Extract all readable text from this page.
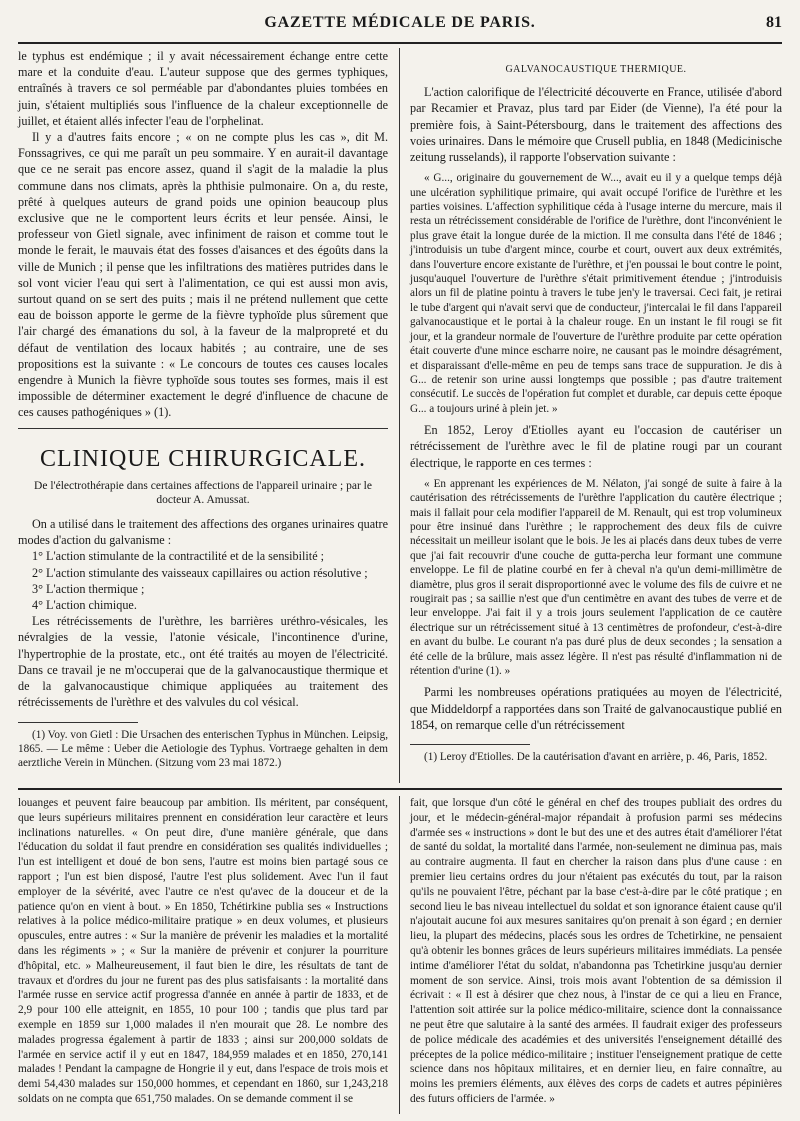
GAZETTE MÉDICALE DE PARIS.	81

le typhus est endémique ; il y avait nécessairement échange entre cette mare et la conduite d'eau. L'auteur suppose que des germes typhiques, entraînés à travers ce sol perméable par d'abondantes pluies tombées en juin, s'étaient multipliés sous l'influence de la chaleur exceptionnelle de juillet, et étaient allés infecter l'eau de l'orphelinat.

Il y a d'autres faits encore ; « on ne compte plus les cas », dit M. Fonssagrives, ce qui me paraît un peu sommaire. Y en aurait-il davantage que ce ne serait pas encore assez, quand il s'agit de la maladie la plus commune dans nos climats, après la phthisie pulmonaire. On a, du reste, prêté à quelques auteurs de grand poids une opinion beaucoup plus exclusive que ne le comportent leurs écrits et leur pensée. Ainsi, le professeur von Gietl signale, avec infiniment de raison et comme tout le monde le ferait, le mauvais état des fosses d'aisances et des égoûts dans la ville de Munich ; il pense que les infiltrations des matières putrides dans le sol vont vicier l'eau qui sert à l'alimentation, ce qui est aussi mon avis, surtout quand on se sert des puits ; mais il ne prétend nullement que cette eau de boisson apporte le germe de la fièvre typhoïde plus sûrement que l'air chargé des émanations du sol, à la faveur de la malpropreté et du défaut de ventilation des locaux habités ; au contraire, une de ses propositions est la suivante : « Le concours de toutes ces causes locales engendre à Munich la fièvre typhoïde sous toutes ses formes, mais il est impossible de déterminer exactement le degré d'influence de chacune de ces causes pathogéniques » (1).

CLINIQUE CHIRURGICALE.
De l'électrothérapie dans certaines affections de l'appareil urinaire ; par le docteur A. Amussat.

On a utilisé dans le traitement des affections des organes urinaires quatre modes d'action du galvanisme :

1° L'action stimulante de la contractilité et de la sensibilité ;

2° L'action stimulante des vaisseaux capillaires ou action résolutive ;

3° L'action thermique ;

4° L'action chimique.

Les rétrécissements de l'urèthre, les barrières uréthro-vésicales, les névralgies de la vessie, l'atonie vésicale, l'incontinence d'urine, l'hypertrophie de la prostate, etc., ont été traités au moyen de l'électricité. Dans ce travail je ne m'occuperai que de la galvanocaustique thermique et de la galvanocaustique chimique appliquées au traitement des rétrécissements de l'urèthre et des valvules du col vésical.

(1) Voy. von Gietl : Die Ursachen des enterischen Typhus in München. Leipsig, 1865. — Le même : Ueber die Aetiologie des Typhus. Vortraege gehalten in dem aerztliche Verein in München. (Sitzung vom 23 mai 1872.)

GALVANOCAUSTIQUE THERMIQUE.

L'action calorifique de l'électricité découverte en France, utilisée d'abord par Recamier et Pravaz, plus tard par Eider (de Vienne), l'a été pour la première fois, à Saint-Pétersbourg, dans le traitement des affections des voies urinaires. Dans le mémoire que Crusell publia, en 1848 (Medicinische zeitung russelands), il rapporte l'observation suivante :

« G..., originaire du gouvernement de W..., avait eu il y a quelque temps déjà une ulcération syphilitique primaire, qui avait occupé l'orifice de l'urèthre et les parties voisines. L'affection syphilitique céda à l'usage interne du mercure, mais il resta un rétrécissement considérable de l'orifice de l'urèthre, dont l'inconvénient le plus grave était la longue durée de la miction. Il me consulta dans l'été de 1846 ; j'introduisis un tube d'argent mince, courbe et court, ouvert aux deux extrémités, dans l'ouverture encore existante de l'urèthre, et j'en poussai le bout contre le point, jusqu'auquel l'ouverture de l'urèthre s'était primitivement étendue ; j'introduisis alors un fil de platine pointu à travers le tube jen'y le traversai. Ceci fait, je retirai le tube d'argent qui n'avait servi que de conducteur, j'intercalai le fil dans l'appareil galvanocaustique et le portai à la chaleur rouge. En un instant le fil rougi se fit jour, et la grandeur normale de l'ouverture de l'urèthre produite par cette opération était couverte d'une mince escharre noire, ne causant pas le moindre désagrément, et disparaissant d'elle-même en peu de temps sans trace de suppuration. Je dis à G... de retenir son urine aussi longtemps que possible ; pas d'autre traitement consécutif. Le succès de l'opération fut complet et durable, car depuis cette époque G... a toujours uriné à plein jet. »

En 1852, Leroy d'Etiolles ayant eu l'occasion de cautériser un rétrécissement de l'urèthre avec le fil de platine rougi par un courant électrique, le rapporte en ces termes :

« En apprenant les expériences de M. Nélaton, j'ai songé de suite à faire à la cautérisation des rétrécissements de l'urèthre l'application du cautère électrique ; mais il fallait pour cela modifier l'appareil de M. Renault, qui est trop volumineux pour être insinué dans l'urèthre ; le rapprochement des deux fils de cuivre nécessitait un meilleur isolant que le bois. Je les ai placés dans deux tubes de verre que j'ai fait recouvrir d'une couche de gutta-percha leur formant une commune enveloppe. Le fil de platine courbé en fer à cheval n'a qu'un demi-millimètre de diamètre, plus gros il serait disproportionné avec le volume des fils de cuivre et ne rougirait pas ; sa saillie n'est que d'un centimètre en avant des tubes de verre et de leur enveloppe. J'ai fait il y a trois jours seulement l'application de ce cautère électrique sur un rétrécissement situé à 13 centimètres de profondeur, c'est-à-dire en avant du bulbe. Le courant n'a pas duré plus de deux secondes ; la sensation a été celle de la brûlure, mais assez légère. Il n'est pas résulté d'inflammation ni de rétention d'urine (1). »

Parmi les nombreuses opérations pratiquées au moyen de l'électricité, que Middeldorpf a rapportées dans son Traité de galvanocaustique publié en 1854, on remarque celle d'un rétrécissement

(1) Leroy d'Etiolles. De la cautérisation d'avant en arrière, p. 46, Paris, 1852.

louanges et peuvent faire beaucoup par ambition. Ils méritent, par conséquent, que leurs supérieurs militaires prennent en considération leur caractère et leurs inclinations naturelles. « On peut dire, d'une manière générale, que dans l'éducation du soldat il faut prendre en considération ses qualités individuelles ; l'un est intelligent et doué de bon sens, l'autre est moins bien partagé sous ce rapport ; l'un est bien disposé, l'autre l'est plus solidement. Avec l'un il faut employer de la sévérité, avec l'autre ce n'est qu'avec de la douceur et de la patience qu'on en vient à bout. » En 1850, Tchétirkine publia ses « Instructions relatives à la police médico-militaire pratique » en deux volumes, et plusieurs opuscules, entre autres : « Sur la manière de prévenir les maladies et la mortalité dans les régiments » ; « Sur la manière de prévenir et conjurer la pourriture d'hôpital, etc. » Malheureusement, il faut bien le dire, les résultats de tant de travaux et d'ordres du jour ne furent pas des plus satisfaisants : la mortalité dans l'armée russe en service actif progressa d'année en année à partir de 1833, et de 2,9 pour 100 elle atteignit, en 1855, 10 pour 100 ; tandis que plus tard par exemple en 1859 sur 1,000 malades il n'en mourait que 28. Le nombre des malades progressa également à partir de 1833 ; ainsi sur 200,000 soldats de l'armée en service actif il y eut en 1847, 184,959 malades et en 1850, 270,141 malades ! Pendant la campagne de Hongrie il y eut, dans l'espace de trois mois et demi 54,430 malades sur 150,000 hommes, et cependant en 1860, sur 1,243,218 soldats on ne compta que 651,750 malades. On se demande comment il se

fait, que lorsque d'un côté le général en chef des troupes publiait des ordres du jour, et le médecin-général-major répandait à profusion parmi ses médecins d'armée ses « instructions » dont le but des une et des autres était d'améliorer l'état de santé du soldat, la mortalité dans l'armée, non-seulement ne diminua pas, mais au contraire augmenta. Il faut en chercher la raison dans plus d'une cause : en premier lieu certains ordres du jour n'étaient pas exécutés du tout, par la raison qu'ils ne pouvaient l'être, péchant par la base c'est-à-dire par le côté pratique ; en second lieu le bas niveau intellectuel du soldat et son ignorance étaient cause qu'il n'ajoutait aucune foi aux mesures sanitaires qu'on prenait à son égard ; en dernier lieu, la plupart des médecins, placés sous les ordres de Tchetirkine, ne pensaient qu'à obtenir les bonnes grâces de leurs supérieurs militaires immédiats. La pensée intime d'améliorer l'état du soldat, n'abandonna pas Tchetirkine jusqu'au dernier moment de son service. Ainsi, trois mois avant l'obtention de sa démission il écrivait : « Il est à désirer que chez nous, à l'instar de ce qui a lieu en France, l'attention soit attirée sur la police médico-militaire, science dont la connaissance ne peut être que salutaire à la santé des armées. Il faudrait exiger des professeurs de police médicale des académies et des universités l'enseignement détaillé des préceptes de la police médico-militaire ; instituer l'enseignement pratique de cette science dans nos hôpitaux militaires, et en dernier lieu, en faire connaître, au moins les premiers éléments, aux élèves des corps de cadets et autres pépinières des futurs officiers de l'armée. »
